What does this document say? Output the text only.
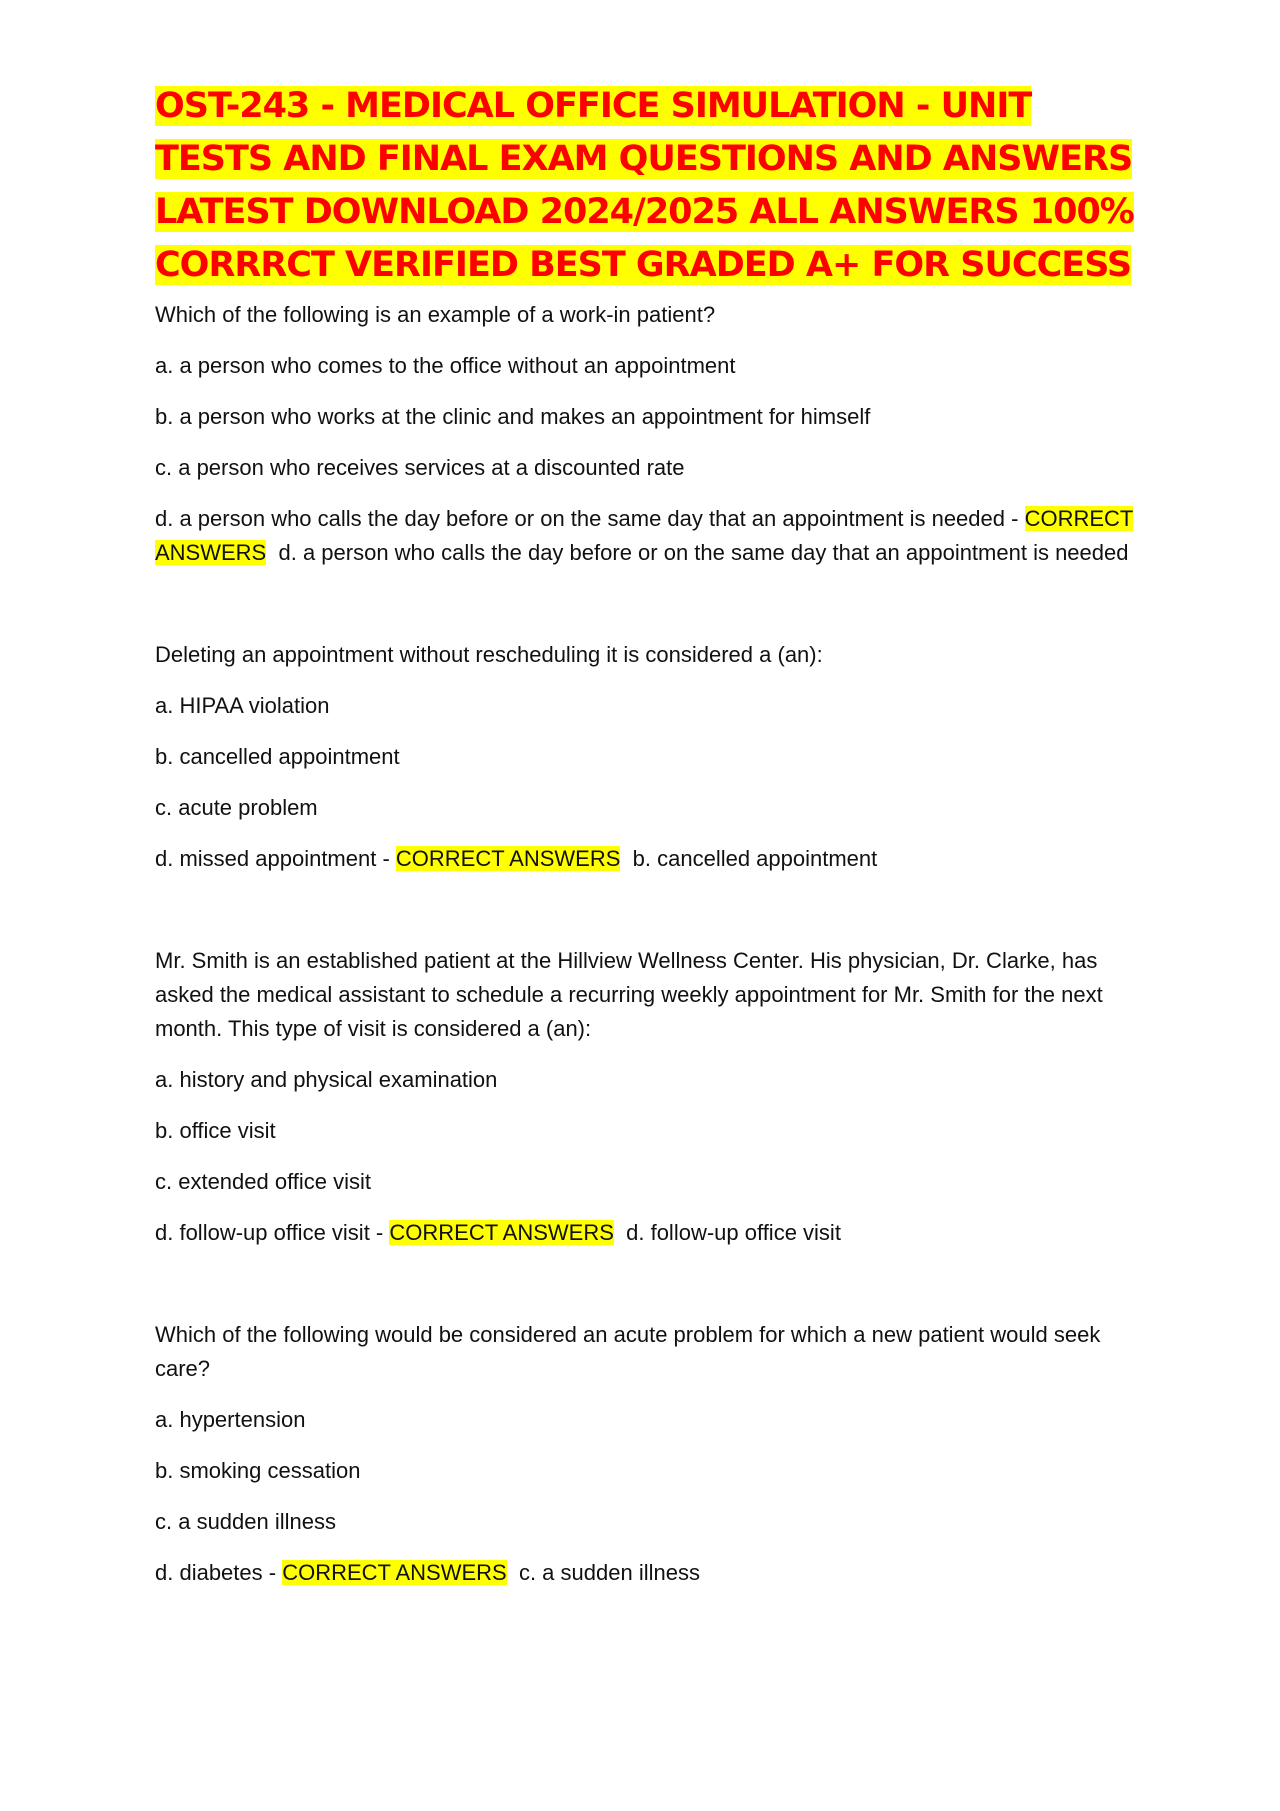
OST-243 - MEDICAL OFFICE SIMULATION - UNIT TESTS AND FINAL EXAM QUESTIONS AND ANSWERS LATEST DOWNLOAD 2024/2025 ALL ANSWERS 100% CORRRCT VERIFIED BEST GRADED A+ FOR SUCCESS

Which of the following is an example of a work-in patient?

a. a person who comes to the office without an appointment

b. a person who works at the clinic and makes an appointment for himself

c. a person who receives services at a discounted rate

d. a person who calls the day before or on the same day that an appointment is needed - CORRECT ANSWERS d. a person who calls the day before or on the same day that an appointment is needed

Deleting an appointment without rescheduling it is considered a (an):

a. HIPAA violation

b. cancelled appointment

c. acute problem

d. missed appointment - CORRECT ANSWERS b. cancelled appointment

Mr. Smith is an established patient at the Hillview Wellness Center. His physician, Dr. Clarke, has asked the medical assistant to schedule a recurring weekly appointment for Mr. Smith for the next month. This type of visit is considered a (an):

a. history and physical examination

b. office visit

c. extended office visit

d. follow-up office visit - CORRECT ANSWERS d. follow-up office visit

Which of the following would be considered an acute problem for which a new patient would seek care?

a. hypertension

b. smoking cessation

c. a sudden illness

d. diabetes - CORRECT ANSWERS c. a sudden illness
